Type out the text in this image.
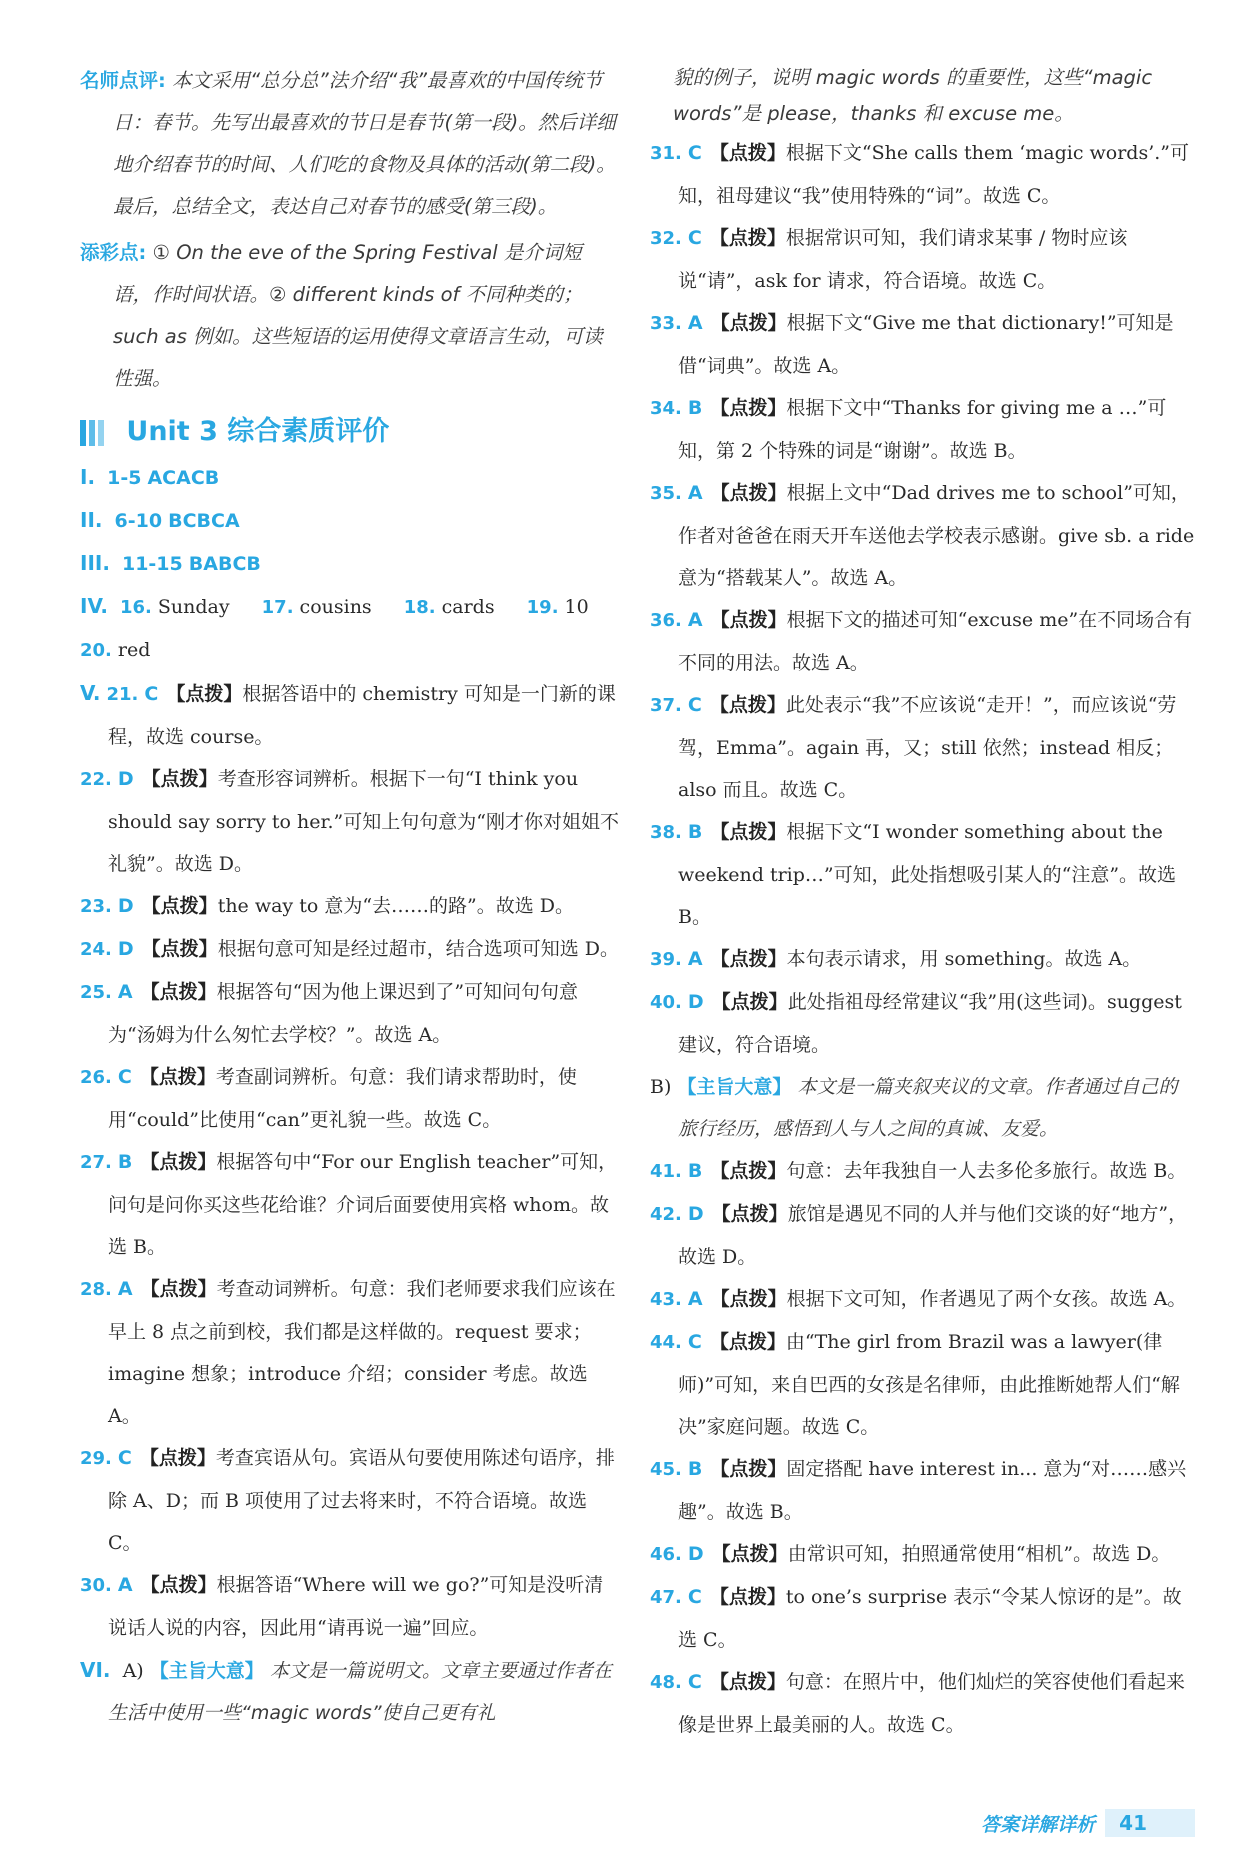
名师点评: 本文采用“总分总”法介绍“我”最喜欢的中国传统节日：春节。先写出最喜欢的节日是春节(第一段)。然后详细地介绍春节的时间、人们吃的食物及具体的活动(第二段)。最后，总结全文，表达自己对春节的感受(第三段)。
添彩点: ① On the eve of the Spring Festival 是介词短语，作时间状语。② different kinds of 不同种类的；such as 例如。这些短语的运用使得文章语言生动，可读性强。
Unit 3 综合素质评价
I. 1-5 ACACB
II. 6-10 BCBCA
III. 11-15 BABCB
IV. 16. Sunday 17. cousins 18. cards 19. 10
20. red
V. 21. C 【点拨】根据答语中的 chemistry 可知是一门新的课程，故选 course。
22. D 【点拨】考查形容词辨析。根据下一句“I think you should say sorry to her.”可知上句句意为“刚才你对姐姐不礼貌”。故选 D。
23. D 【点拨】the way to 意为“去……的路”。故选 D。
24. D 【点拨】根据句意可知是经过超市，结合选项可知选 D。
25. A 【点拨】根据答句“因为他上课迟到了”可知问句句意为“汤姆为什么匆忙去学校？”。故选 A。
26. C 【点拨】考查副词辨析。句意：我们请求帮助时，使用“could”比使用“can”更礼貌一些。故选 C。
27. B 【点拨】根据答句中“For our English teacher”可知，问句是问你买这些花给谁？介词后面要使用宾格 whom。故选 B。
28. A 【点拨】考查动词辨析。句意：我们老师要求我们应该在早上 8 点之前到校，我们都是这样做的。request 要求；imagine 想象；introduce 介绍；consider 考虑。故选 A。
29. C 【点拨】考查宾语从句。宾语从句要使用陈述句语序，排除 A、D；而 B 项使用了过去将来时，不符合语境。故选 C。
30. A 【点拨】根据答语“Where will we go?”可知是没听清说话人说的内容，因此用“请再说一遍”回应。
VI. A) 【主旨大意】 本文是一篇说明文。文章主要通过作者在生活中使用一些“magic words”使自己更有礼
貌的例子，说明 magic words 的重要性，这些“magic words”是 please，thanks 和 excuse me。
31. C 【点拨】根据下文“She calls them ‘magic words’.”可知，祖母建议“我”使用特殊的“词”。故选 C。
32. C 【点拨】根据常识可知，我们请求某事 / 物时应该说“请”，ask for 请求，符合语境。故选 C。
33. A 【点拨】根据下文“Give me that dictionary!”可知是借“词典”。故选 A。
34. B 【点拨】根据下文中“Thanks for giving me a …”可知，第 2 个特殊的词是“谢谢”。故选 B。
35. A 【点拨】根据上文中“Dad drives me to school”可知，作者对爸爸在雨天开车送他去学校表示感谢。give sb. a ride 意为“搭载某人”。故选 A。
36. A 【点拨】根据下文的描述可知“excuse me”在不同场合有不同的用法。故选 A。
37. C 【点拨】此处表示“我”不应该说“走开！”，而应该说“劳驾，Emma”。again 再，又；still 依然；instead 相反；also 而且。故选 C。
38. B 【点拨】根据下文“I wonder something about the weekend trip…”可知，此处指想吸引某人的“注意”。故选 B。
39. A 【点拨】本句表示请求，用 something。故选 A。
40. D 【点拨】此处指祖母经常建议“我”用(这些词)。suggest 建议，符合语境。
B) 【主旨大意】 本文是一篇夹叙夹议的文章。作者通过自己的旅行经历，感悟到人与人之间的真诚、友爱。
41. B 【点拨】句意：去年我独自一人去多伦多旅行。故选 B。
42. D 【点拨】旅馆是遇见不同的人并与他们交谈的好“地方”，故选 D。
43. A 【点拨】根据下文可知，作者遇见了两个女孩。故选 A。
44. C 【点拨】由“The girl from Brazil was a lawyer(律师)”可知，来自巴西的女孩是名律师，由此推断她帮人们“解决”家庭问题。故选 C。
45. B 【点拨】固定搭配 have interest in... 意为“对……感兴趣”。故选 B。
46. D 【点拨】由常识可知，拍照通常使用“相机”。故选 D。
47. C 【点拨】to one’s surprise 表示“令某人惊讶的是”。故选 C。
48. C 【点拨】句意：在照片中，他们灿烂的笑容使他们看起来像是世界上最美丽的人。故选 C。
答案详解详析	41
